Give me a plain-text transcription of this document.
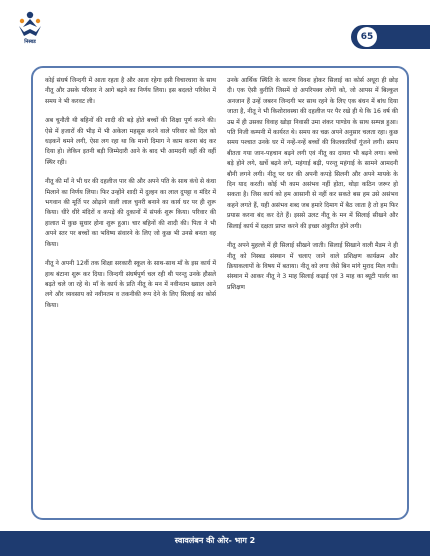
निस्बड	65

कोई संघर्ष जिन्दगी में आता रहता है और आता रहेगा इसी विचारधारा के साथ नीतू और उसके परिवार ने आगे बढ़ने का निर्णय लिया। इस बदलते परिवेश में समय ने भी करवट ली।

अब चुनौती थी बहिनों की शादी की बड़े होते बच्चों की शिक्षा पूर्ण करने की। ऐसे में हजारों की भीड़ में भी अकेला महसूस करने वाले परिवार को दिल को धड़कनें थमने लगी, ऐसा लग रहा था कि मानो दिमाग ने काम करना बंद कर दिया हो। लेकिन इतनी बड़ी जिम्मेदारी आने के बाद भी आमदनी वहीं की वहीं स्थिर रही।

नीतू की माँ ने भी घर की दहलीज पार की और अपने पति के साथ कंधे से कंधा मिलाने का निर्णय लिया। फिर उन्होंने शादी में दुल्हन का लाल दुपट्टा व मंदिर में भगवान की मूर्ति पर ओढ़ाने वाली लाल चुनरी बनाने का कार्य घर पर ही शुरू किया। धीरे धीरे मंदिरों व कपड़े की दुकानों में संपर्क शुरू किया। परिवार की हालात में कुछ सुधार होना शुरू हुआ। चार बहिनों की शादी की। पिता ने भी अपने स्तर पर बच्चों का भविष्य संवारने के लिए जो कुछ भी उनसे बनता वह किया।

नीतू ने अपनी 12वीं तक शिक्षा सरकारी स्कूल के साथ-साथ माँ के इस कार्य में हाथ बंटाना शुरू कर दिया। जिन्दगी संघर्षपूर्ण चल रही थी परन्तु उनके हौसले बढ़ते चले जा रहे थे। माँ के कार्य के प्रति नीतू के मन में नवीनतम ख्याल आने लगे और व्यवसाय को नवीनतम व तकनीकी रूप देने के लिए सिलाई का कोर्स किया।

उनके आर्थिक स्थिति के कारण विवश होकर सिलाई का कोर्स अधूरा ही छोड़ दी। एक ऐसी कुरीति जिसमें दो अपरिपक्व लोगों को, जो आपस में बिल्कुल अनजान हैं उन्हें जबरन जिन्दगी भर साथ रहने के लिए एक बंधन में बांध दिया जाता है, नीतू ने भी किशोरावस्था की दहलीज पर पैर रखे ही थे कि 16 वर्ष की उम्र में ही उसका विवाह खोड़ा निवासी उमा शंकर पाण्डेय के साथ सम्पन्न हुआ। पति निजी कम्पनी में कार्यरत थे। समय का चक्र अपने अनुसार चलता रहा। कुछ समय पश्चात उनके घर में नन्हें-नन्हें बच्चों की किलकारियाँ गूंजने लगी। समय बीतता गया जान-पहचान बढ़ने लगी एवं नीतू का दायरा भी बढ़ने लगा। बच्चे बड़े होने लगे, खर्चे बढ़ने लगे, महंगाई बढ़ी, परन्तु महंगाई के सामने आमदनी बौनी लगने लगी। नीतू पर घर की अपनी कपड़े सिलनी और अपने मायके के दिन याद करती। कोई भी काम असंभव नहीं होता, थोड़ा कठिन जरूर हो सकता है। जिस कार्य को हम आसानी से नहीं कर सकते बस हम उसे असंभव कहने लगते हैं, यही असंभव शब्द जब हमारे दिमाग में बैठ जाता है तो हम फिर प्रयास करना बंद कर देते हैं। इससे उलट नीतू के मन में सिलाई सीखने और सिलाई कार्य में दक्षता प्राप्त करने की इच्छा अंकुरित होने लगी।

नीतू अपने मुहल्ले में ही सिलाई सीखने जाती। सिलाई सिखाने वाली मैडम ने ही नीतू को निस्बड संस्थान में चलाए जाने वाले प्रशिक्षण कार्यक्रम और क्रियाकलापों के विषय में बताया। नीतू को लगा जैसे बिन मांगे मुराद मिल गयी। संस्थान में आकर नीतू ने 3 माह सिलाई कढ़ाई एवं 3 माह का ब्यूटी पार्लर का प्रशिक्षण

स्वावलंबन की ओर- भाग 2
